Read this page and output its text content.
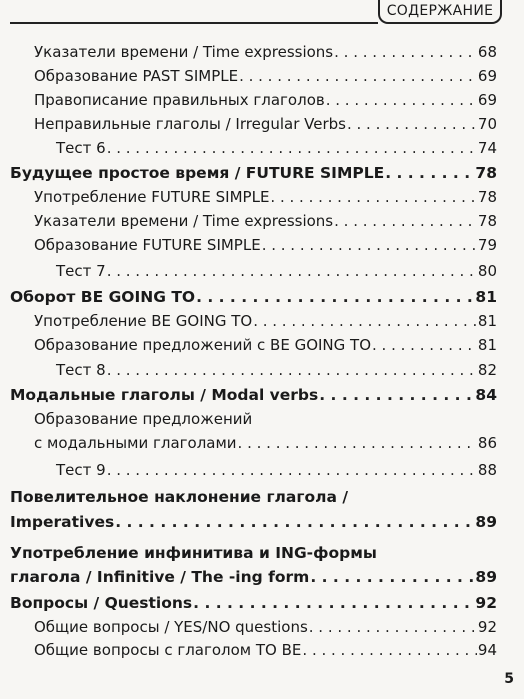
СОДЕРЖАНИЕ
Указатели времени / Time expressions . . .	68
Образование PAST SIMPLE . . .	69
Правописание правильных глаголов . . .	69
Неправильные глаголы / Irregular Verbs . . .	70
Тест 6 . . .	74
Будущее простое время / FUTURE SIMPLE . . .	78
Употребление FUTURE SIMPLE . . .	78
Указатели времени / Time expressions . . .	78
Образование FUTURE SIMPLE . . .	79
Тест 7 . . .	80
Оборот BE GOING TO . . .	81
Употребление BE GOING TO . . .	81
Образование предложений с BE GOING TO . . .	81
Тест 8 . . .	82
Модальные глаголы / Modal verbs . . .	84
Образование предложений
с модальными глаголами . . .	86
Тест 9 . . .	88
Повелительное наклонение глагола /
Imperatives . . .	89
Употребление инфинитива и ING-формы
глагола / Infinitive / The -ing form . . .	89
Вопросы / Questions . . .	92
Общие вопросы / YES/NO questions . . .	92
Общие вопросы с глаголом TO BE . . .	94
5
